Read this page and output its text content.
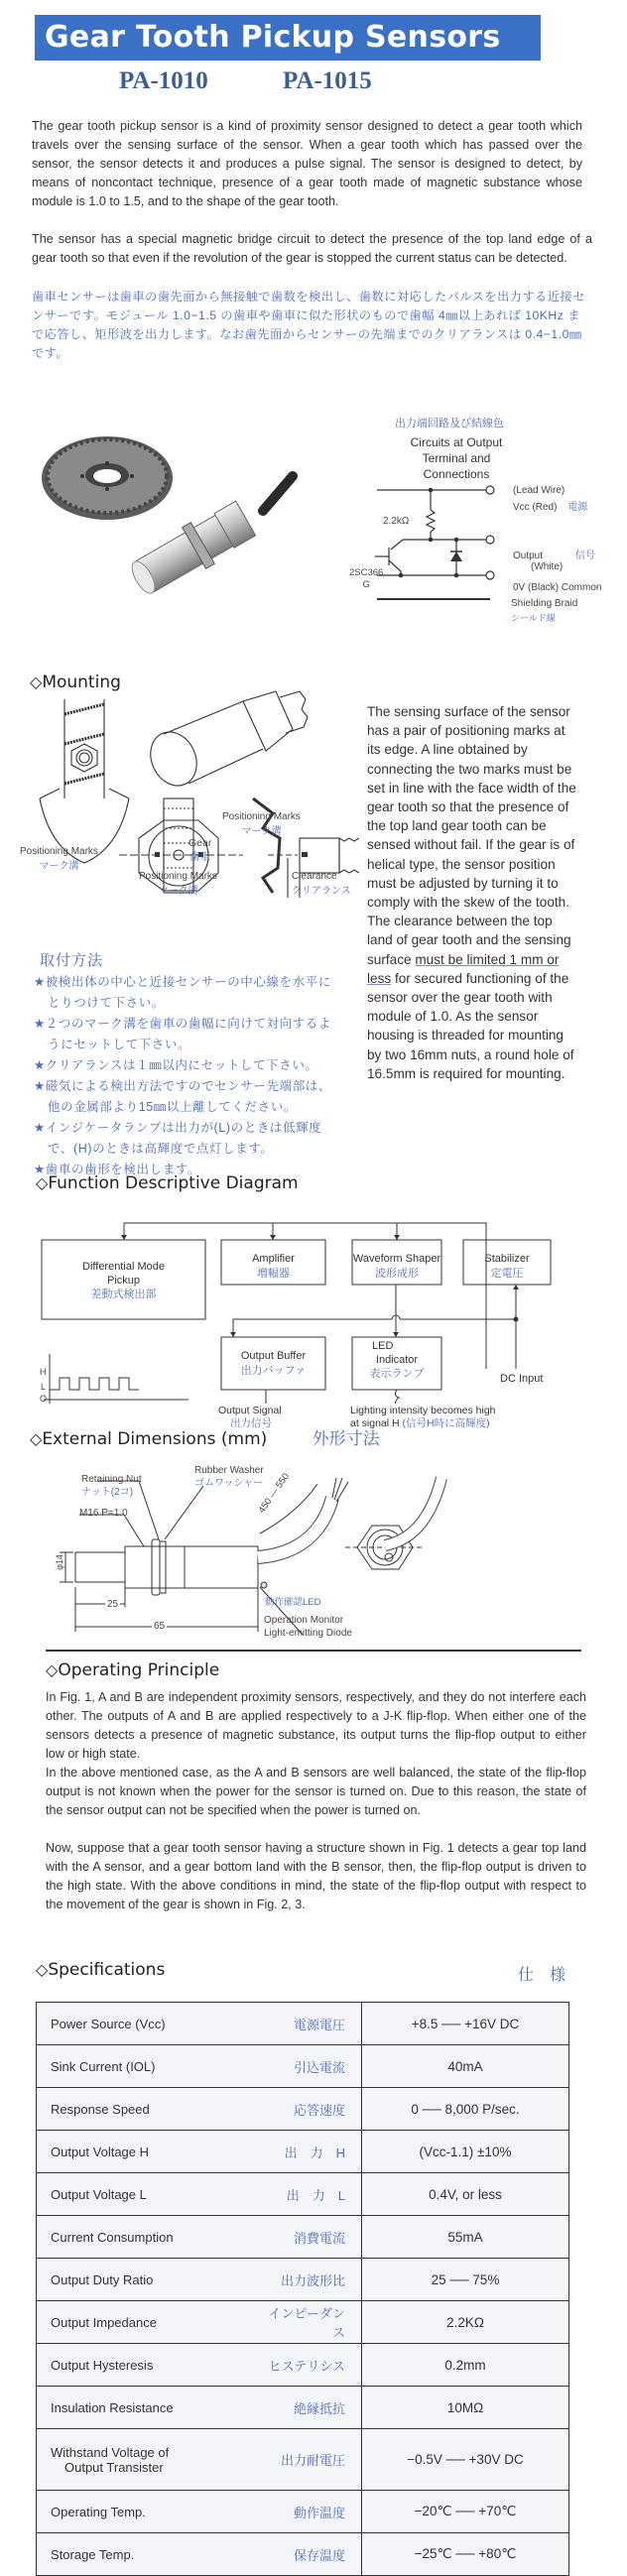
Gear Tooth Pickup Sensors
PA-1010	PA-1015
The gear tooth pickup sensor is a kind of proximity sensor designed to detect a gear tooth which travels over the sensing surface of the sensor. When a gear tooth which has passed over the sensor, the sensor detects it and produces a pulse signal. The sensor is designed to detect, by means of noncontact technique, presence of a gear tooth made of magnetic substance whose module is 1.0 to 1.5, and to the shape of the gear tooth.
The sensor has a special magnetic bridge circuit to detect the presence of the top land edge of a gear tooth so that even if the revolution of the gear is stopped the current status can be detected.
歯車センサーは歯車の歯先面から無接触で歯数を検出し、歯数に対応したパルスを出力する近接センサーです。モジュール 1.0−1.5 の歯車や歯車に似た形状のもので歯幅 4㎜以上あれば 10KHz まで応答し、矩形波を出力します。なお歯先面からセンサーの先端までのクリアランスは 0.4−1.0㎜ です。
出力端回路及び結線色
Circuits at Output
Terminal and
Connections
2.2kΩ
2SC366
G
(Lead Wire)
Vcc (Red) 電源
Output	信号
(White)
0V (Black) Common
Shielding Braid
シールド線
◇Mounting
Positioning Marks
マーク溝
Gear
歯車
Positioning Marks
マーク溝
Positioning Marks
マーク溝
Clearance
クリアランス
The sensing surface of the sensor has a pair of positioning marks at its edge. A line obtained by connecting the two marks must be set in line with the face width of the gear tooth so that the presence of the top land gear tooth can be sensed without fail. If the gear is of helical type, the sensor position must be adjusted by turning it to comply with the skew of the tooth.
The clearance between the top land of gear tooth and the sensing surface must be limited 1 mm or less for secured functioning of the sensor over the gear tooth with module of 1.0. As the sensor housing is threaded for mounting by two 16mm nuts, a round hole of 16.5mm is required for mounting.
取付方法
★被検出体の中心と近接センサーの中心線を水平にとりつけて下さい。
★２つのマーク溝を歯車の歯幅に向けて対向するようにセットして下さい。
★クリアランスは１㎜以内にセットして下さい。
★磁気による検出方法ですのでセンサー先端部は、他の金属部より15㎜以上離してください。
★インジケータランプは出力が(L)のときは低輝度で、(H)のときは高輝度で点灯します。
★歯車の歯形を検出します。
◇Function Descriptive Diagram
Differential Mode
Pickup
差動式検出部
Amplifier
増幅器
Waveform Shaper
波形成形
Stabilizer
定電圧
Output Buffer
出力バッファ
LED
Indicator
表示ランプ	DC Input
Output Signal
出力信号
Lighting intensity becomes high
at signal H (信号H時に高輝度)
H
L
O
◇External Dimensions (mm)	外形寸法
Retaining Nut
ナット(2コ)
Rubber Washer
ゴムワッシャー
M16 P=1.0
φ14
450 — 550
25
65
動作確認LED
Operation Monitor
Light-emitting Diode
◇Operating Principle
In Fig. 1, A and B are independent proximity sensors, respectively, and they do not interfere each other. The outputs of A and B are applied respectively to a J-K flip-flop. When either one of the sensors detects a presence of magnetic substance, its output turns the flip-flop output to either low or high state.
In the above mentioned case, as the A and B sensors are well balanced, the state of the flip-flop output is not known when the power for the sensor is turned on. Due to this reason, the state of the sensor output can not be specified when the power is turned on.
Now, suppose that a gear tooth sensor having a structure shown in Fig. 1 detects a gear top land with the A sensor, and a gear bottom land with the B sensor, then, the flip-flop output is driven to the high state. With the above conditions in mind, the state of the flip-flop output with respect to the movement of the gear is shown in Fig. 2, 3.
◇Specifications	仕　様
Power Source (Vcc)	電源電圧	+8.5 ── +16V DC

Sink Current (IOL)	引込電流	40mA

Response Speed	応答速度	0 ── 8,000 P/sec.

Output Voltage H	出　力　H	(Vcc-1.1) ±10%

Output Voltage L	出　力　L	0.4V, or less

Current Consumption	消費電流	55mA

Output Duty Ratio	出力波形比	25 ── 75%

Output Impedance	インピーダンス	2.2KΩ

Output Hysteresis	ヒステリシス	0.2mm

Insulation Resistance	絶縁抵抗	10MΩ

Withstand Voltage of
Output Transister	出力耐電圧	−0.5V ── +30V DC

Operating Temp.	動作温度	−20℃ ── +70℃

Storage Temp.	保存温度	−25℃ ── +80℃
